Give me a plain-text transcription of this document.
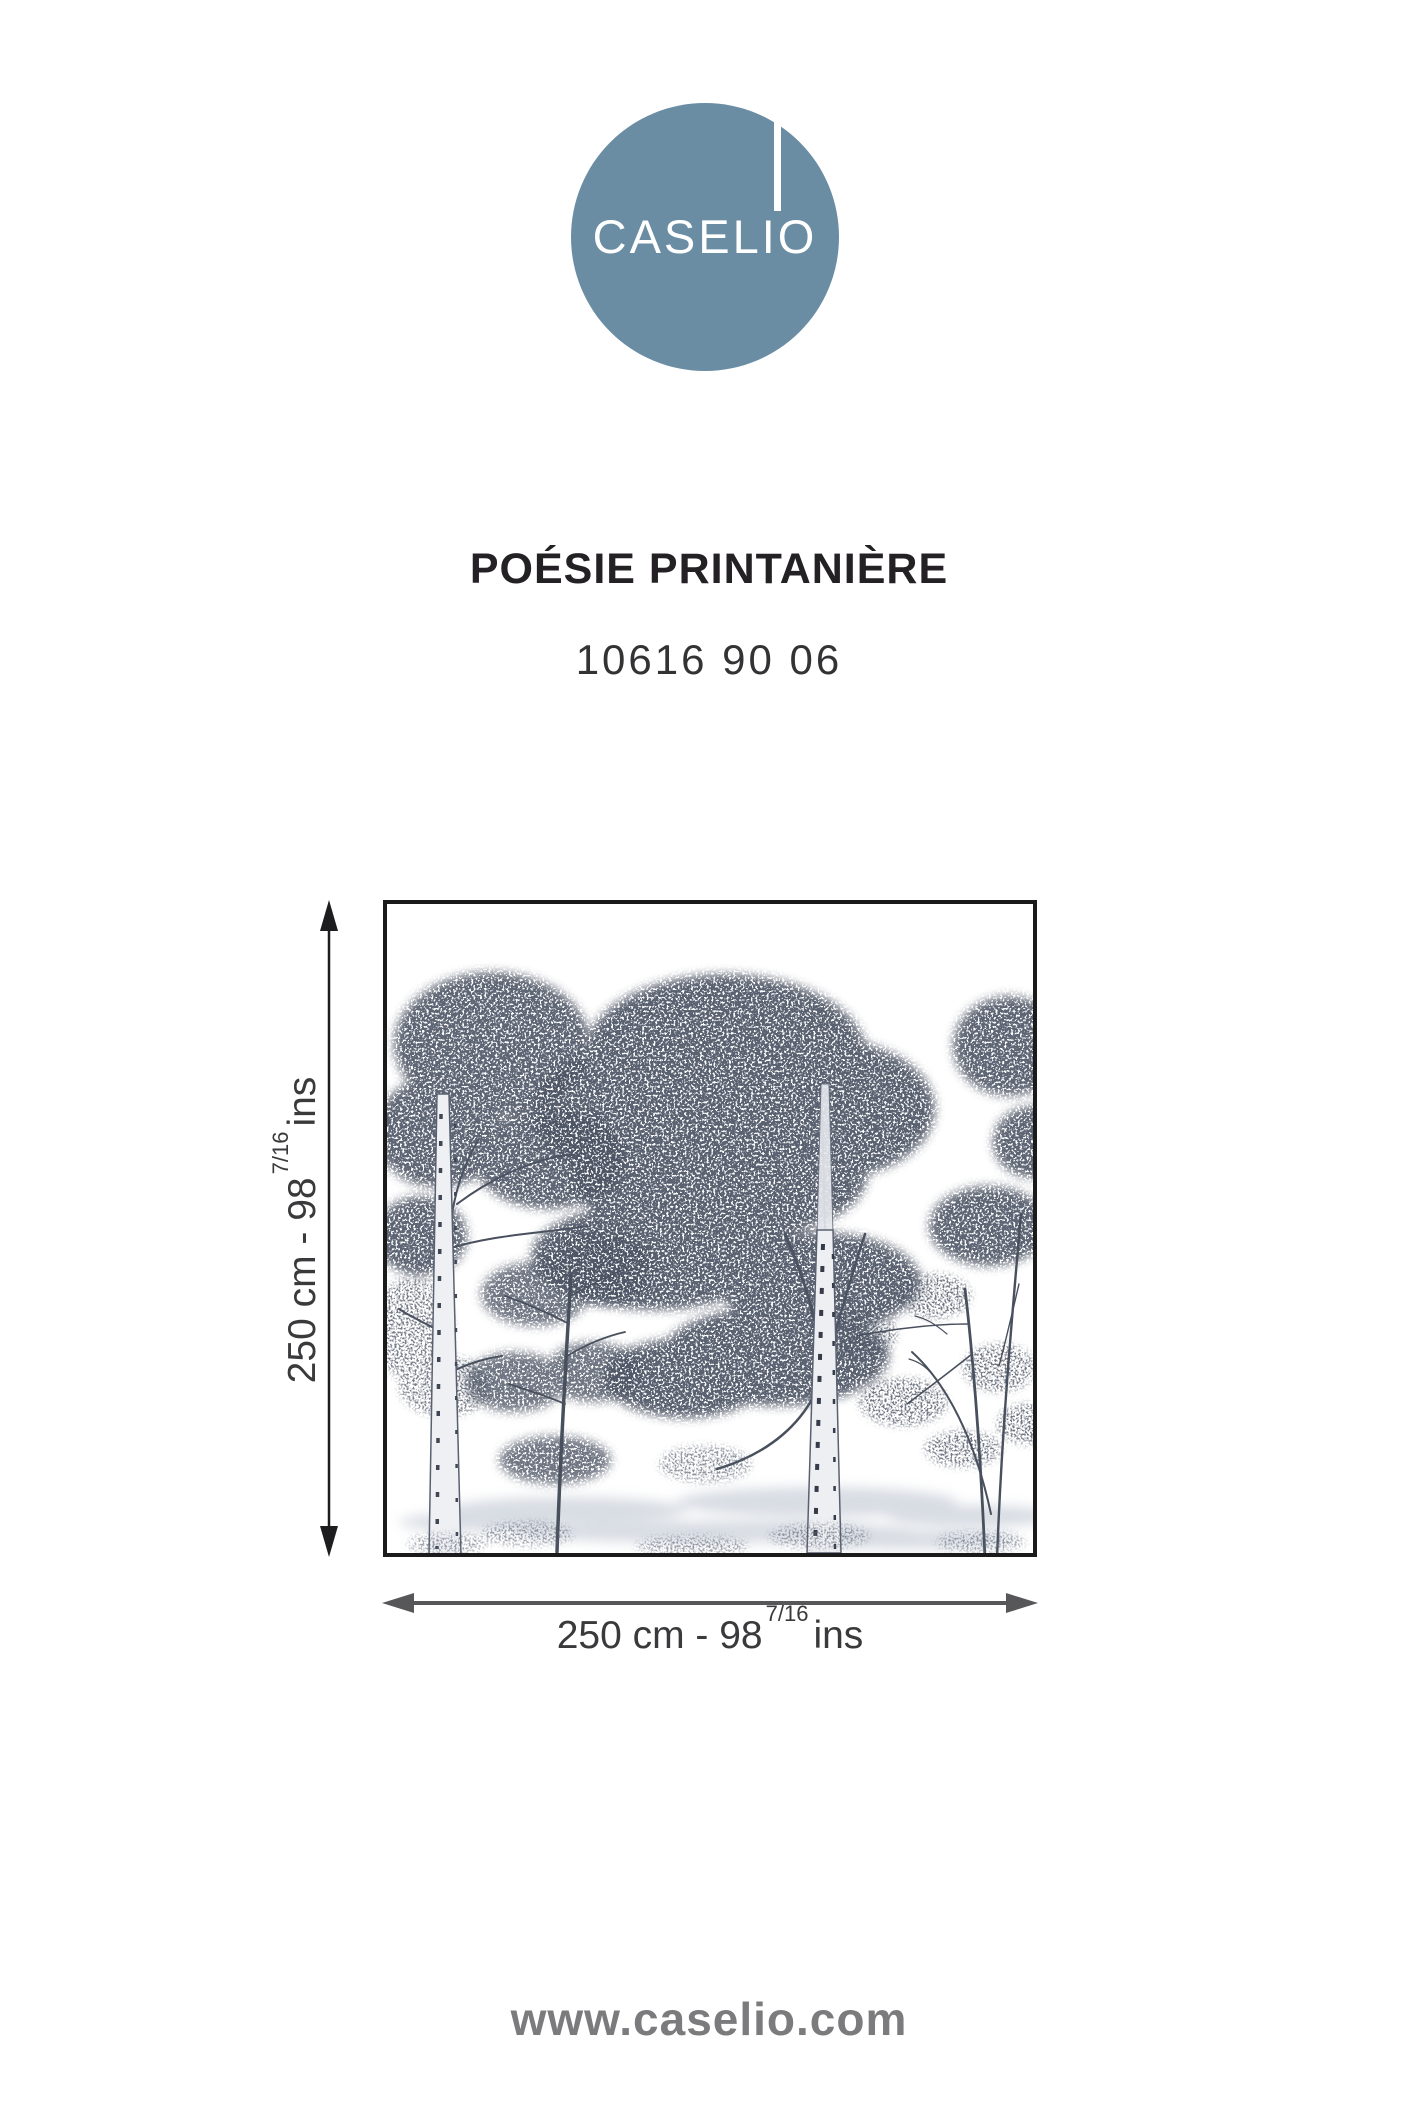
CASELIO
POÉSIE PRINTANIÈRE
10616 90 06
250 cm - $98^{7/16}ins$
250 cm - $98^{7/16}ins$
www.caselio.com
